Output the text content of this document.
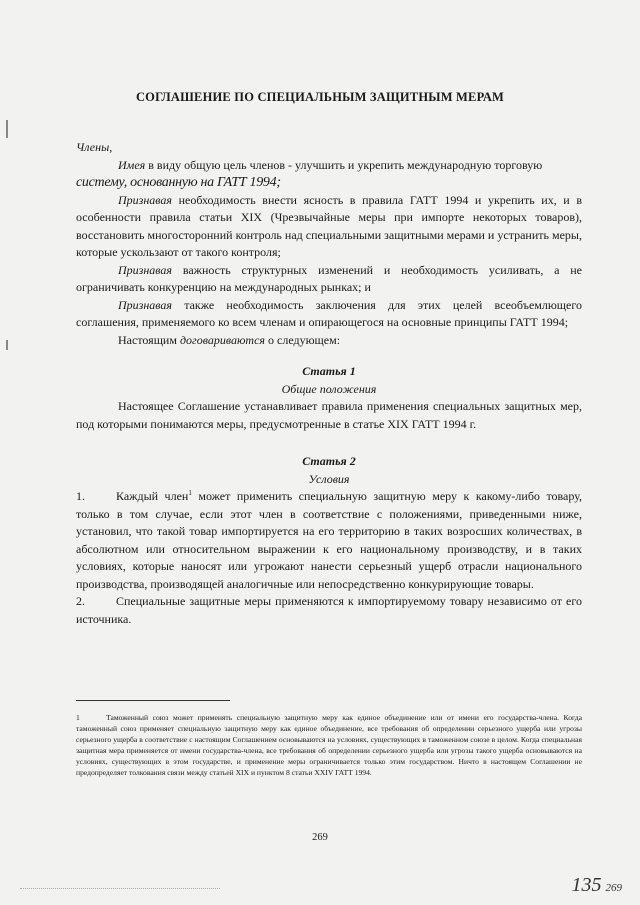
СОГЛАШЕНИЕ ПО СПЕЦИАЛЬНЫМ ЗАЩИТНЫМ МЕРАМ

Члены,

Имея в виду общую цель членов - улучшить и укрепить международную торговую

систему, основанную на ГАТТ 1994;

Признавая необходимость внести ясность в правила ГАТТ 1994 и укрепить их, и в особенности правила статьи XIX (Чрезвычайные меры при импорте некоторых товаров), восстановить многосторонний контроль над специальными защитными мерами и устранить меры, которые ускользают от такого контроля;

Признавая важность структурных изменений и необходимость усиливать, а не ограничивать конкуренцию на международных рынках; и

Признавая также необходимость заключения для этих целей всеобъемлющего соглашения, применяемого ко всем членам и опирающегося на основные принципы ГАТТ 1994;

Настоящим договариваются о следующем:

Статья 1

Общие положения

Настоящее Соглашение устанавливает правила применения специальных защитных мер, под которыми понимаются меры, предусмотренные в статье XIX ГАТТ 1994 г.

Статья 2

Условия

1.	Каждый член$^1$ может применить специальную защитную меру к какому-либо товару, только в том случае, если этот член в соответствие с положениями, приведенными ниже, установил, что такой товар импортируется на его территорию в таких возросших количествах, в абсолютном или относительном выражении к его национальному производству, и в таких условиях, которые наносят или угрожают нанести серьезный ущерб отрасли национального производства, производящей аналогичные или непосредственно конкурирующие товары.

2.	Специальные защитные меры применяются к импортируемому товару независимо от его источника.

1	Таможенный союз может применять специальную защитную меру как единое объединение или от имени его государства-члена. Когда таможенный союз применяет специальную защитную меру как единое объединение, все требования об определении серьезного ущерба или угрозы серьезного ущерба в соответствие с настоящим Соглашением основываются на условиях, существующих в таможенном союзе в целом. Когда специальная защитная мера применяется от имени государства-члена, все требования об определении серьезного ущерба или угрозы такого ущерба основываются на условиях, существующих в этом государстве, и применение меры ограничивается только этим государством. Ничто в настоящем Соглашении не предопределяет толкования связи между статьей XIX и пунктом 8 статьи XXIV ГАТТ 1994.
269
135 269
